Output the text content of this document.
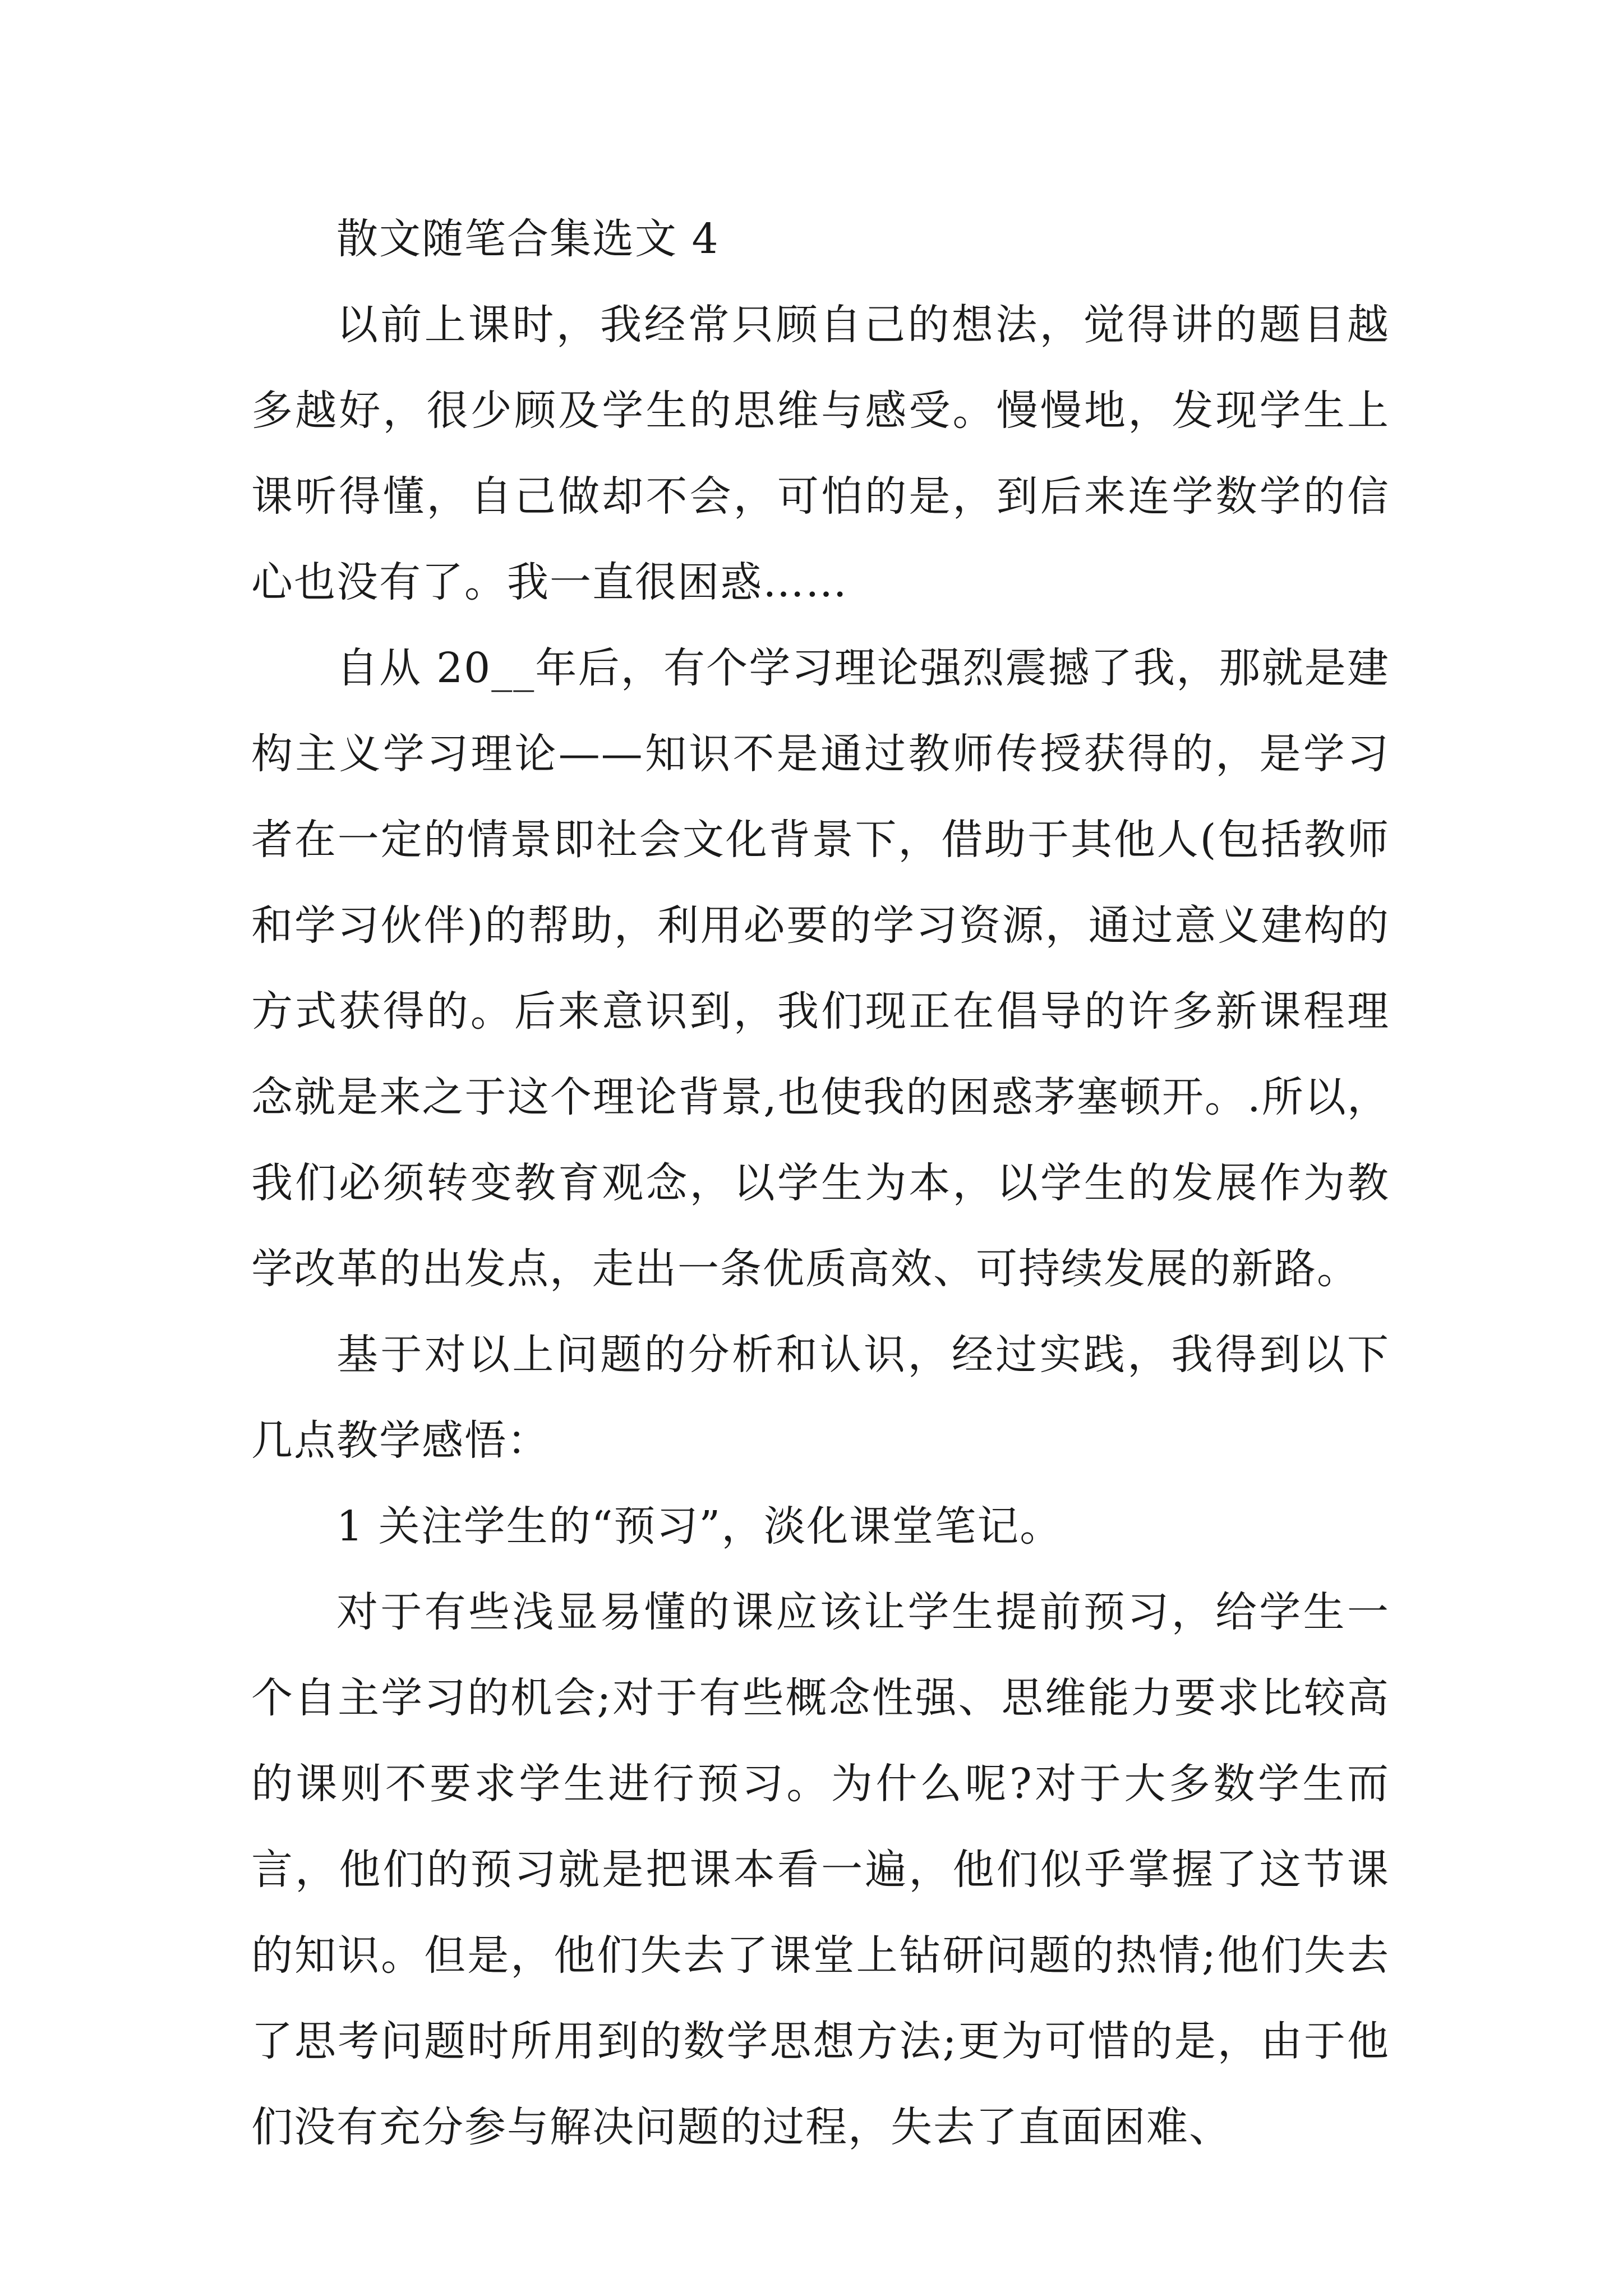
散文随笔合集选文 4

以前上课时，我经常只顾自己的想法，觉得讲的题目越多越好，很少顾及学生的思维与感受。慢慢地，发现学生上课听得懂，自己做却不会，可怕的是，到后来连学数学的信心也没有了。我一直很困惑……

自从 20__年后，有个学习理论强烈震撼了我，那就是建构主义学习理论——知识不是通过教师传授获得的，是学习者在一定的情景即社会文化背景下，借助于其他人(包括教师和学习伙伴)的帮助，利用必要的学习资源，通过意义建构的方式获得的。后来意识到，我们现正在倡导的许多新课程理念就是来之于这个理论背景,也使我的困惑茅塞顿开。.所以，我们必须转变教育观念，以学生为本，以学生的发展作为教学改革的出发点，走出一条优质高效、可持续发展的新路。

基于对以上问题的分析和认识，经过实践，我得到以下几点教学感悟：

1 关注学生的“预习”，淡化课堂笔记。

对于有些浅显易懂的课应该让学生提前预习，给学生一个自主学习的机会;对于有些概念性强、思维能力要求比较高的课则不要求学生进行预习。为什么呢?对于大多数学生而言，他们的预习就是把课本看一遍，他们似乎掌握了这节课的知识。但是，他们失去了课堂上钻研问题的热情;他们失去了思考问题时所用到的数学思想方法;更为可惜的是，由于他们没有充分参与解决问题的过程，失去了直面困难、
